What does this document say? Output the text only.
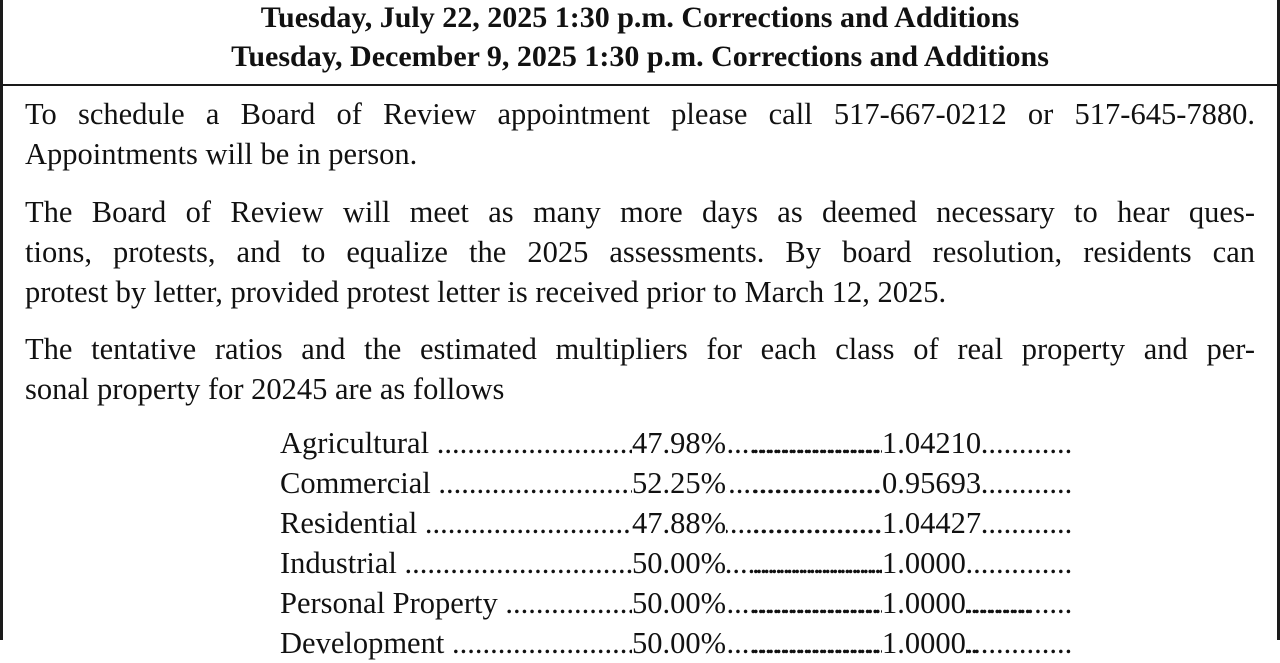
Tuesday, July 22, 2025 1:30 p.m. Corrections and Additions
Tuesday, December 9, 2025 1:30 p.m. Corrections and Additions
To schedule a Board of Review appointment please call 517-667-0212 or 517-645-7880.
Appointments will be in person.
The Board of Review will meet as many more days as deemed necessary to hear ques-
tions, protests, and to equalize the 2025 assessments. By board resolution, residents can
protest by letter, provided protest letter is received prior to March 12, 2025.
The tentative ratios and the estimated multipliers for each class of real property and per-
sonal property for 20245 are as follows
Agricultural .....	47.98% .....	1.04210
Commercial .....	52.25% .....	0.95693
Residential .....	47.88% .....	1.04427
Industrial .....	50.00% .....	1.0000
Personal Property .....	50.00% .....	1.0000
Development .....	50.00% .....	1.0000
